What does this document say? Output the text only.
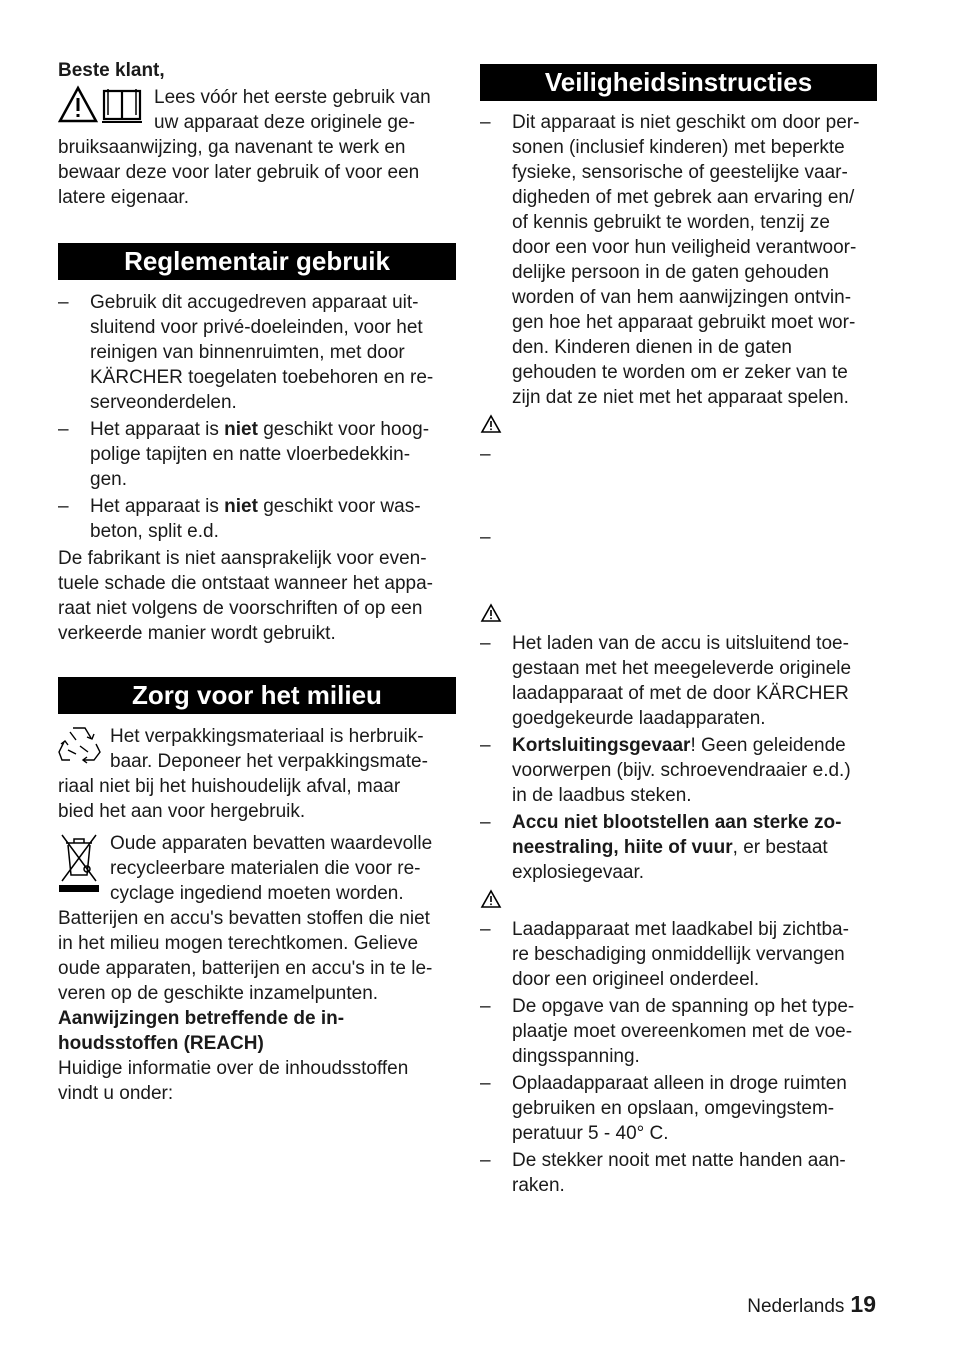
Beste klant,

Lees vóór het eerste gebruik van

uw apparaat deze originele ge-

bruiksaanwijzing, ga navenant te werk en

bewaar deze voor later gebruik of voor een

latere eigenaar.

Reglementair gebruik
– Gebruik dit accugedreven apparaat uit-

sluitend voor privé-doeleinden, voor het

reinigen van binnenruimten, met door

KÄRCHER toegelaten toebehoren en re-

serveonderdelen.

– Het apparaat is niet geschikt voor hoog-

polige tapijten en natte vloerbedekkin-

gen.

– Het apparaat is niet geschikt voor was-

beton, split e.d.

De fabrikant is niet aansprakelijk voor even-

tuele schade die ontstaat wanneer het appa-

raat niet volgens de voorschriften of op een

verkeerde manier wordt gebruikt.

Zorg voor het milieu

Het verpakkingsmateriaal is herbruik-

baar. Deponeer het verpakkingsmate-

riaal niet bij het huishoudelijk afval, maar

bied het aan voor hergebruik.

Oude apparaten bevatten waardevolle

recycleerbare materialen die voor re-

cyclage ingediend moeten worden.

Batterijen en accu's bevatten stoffen die niet

in het milieu mogen terechtkomen. Gelieve

oude apparaten, batterijen en accu's in te le-

veren op de geschikte inzamelpunten.

Aanwijzingen betreffende de in-

houdsstoffen (REACH)

Huidige informatie over de inhoudsstoffen

vindt u onder:

Veiligheidsinstructies
– Dit apparaat is niet geschikt om door per-

sonen (inclusief kinderen) met beperkte

fysieke, sensorische of geestelijke vaar-

digheden of met gebrek aan ervaring en/

of kennis gebruikt te worden, tenzij ze

door een voor hun veiligheid verantwoor-

delijke persoon in de gaten gehouden

worden of van hem aanwijzingen ontvin-

gen hoe het apparaat gebruikt moet wor-

den. Kinderen dienen in de gaten

gehouden te worden om er zeker van te

zijn dat ze niet met het apparaat spelen.

–
–
– Het laden van de accu is uitsluitend toe-

gestaan met het meegeleverde originele

laadapparaat of met de door KÄRCHER

goedgekeurde laadapparaten.

– Kortsluitingsgevaar! Geen geleidende

voorwerpen (bijv. schroevendraaier e.d.)

in de laadbus steken.

– Accu niet blootstellen aan sterke zo-

neestraling, hiite of vuur, er bestaat

explosiegevaar.

– Laadapparaat met laadkabel bij zichtba-

re beschadiging onmiddellijk vervangen

door een origineel onderdeel.

– De opgave van de spanning op het type-

plaatje moet overeenkomen met de voe-

dingsspanning.

– Oplaadapparaat alleen in droge ruimten

gebruiken en opslaan, omgevingstem-

peratuur 5 - 40° C.

– De stekker nooit met natte handen aan-

raken.

Nederlands 19
